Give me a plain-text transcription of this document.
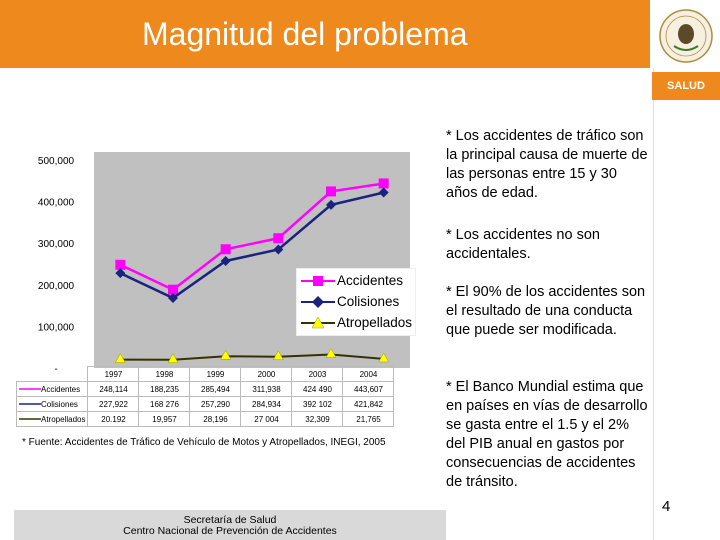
Magnitud del problema
SALUD
500,000
400,000
300,000
200,000
100,000
-
Accidentes
Colisiones
Atropellados
	1997	1998	1999	2000	2003	2004
Accidentes	248,114	188,235	285,494	311,938	424 490	443,607
Colisiones	227,922	168 276	257,290	284,934	392 102	421,842
Atropellados	20.192	19,957	28,196	27 004	32,309	21,765
* Fuente: Accidentes de Tráfico de Vehículo de Motos y Atropellados, INEGI, 2005
* Los accidentes de tráfico son la principal causa de muerte de las personas entre 15 y 30 años de edad.
* Los accidentes no son accidentales.
* El 90% de los accidentes son el resultado de una conducta que puede ser modificada.
* El Banco Mundial estima que en países en vías de desarrollo se gasta entre el 1.5 y el 2% del PIB anual en gastos por consecuencias de accidentes de tránsito.
4
Secretaría de Salud
Centro Nacional de Prevención de Accidentes
